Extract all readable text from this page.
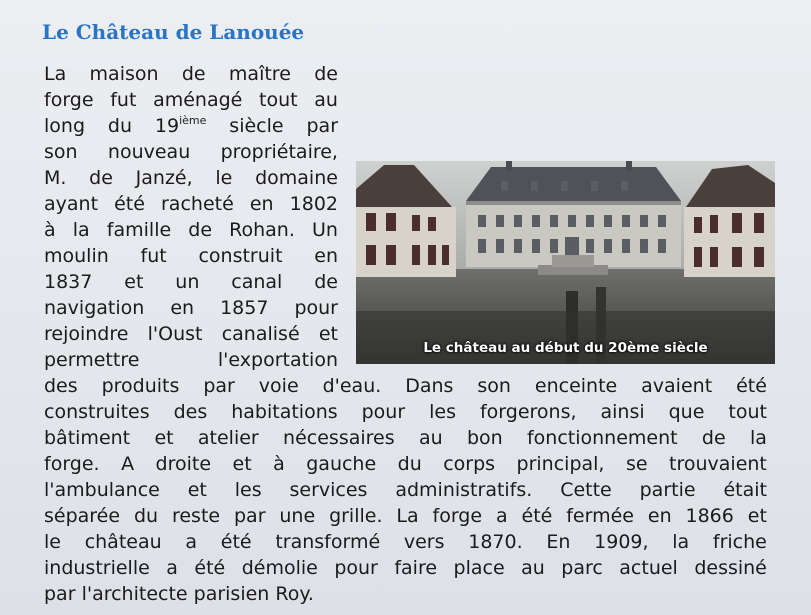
Le Château de Lanouée
Le château au début du 20ème siècle
La maison de maître de
forge fut aménagé tout au
long du 19ième siècle par
son nouveau propriétaire,
M. de Janzé, le domaine
ayant été racheté en 1802
à la famille de Rohan. Un
moulin fut construit en
1837 et un canal de
navigation en 1857 pour
rejoindre l'Oust canalisé et
permettre	l'exportation
des produits par voie d'eau. Dans son enceinte avaient été
construites des habitations pour les forgerons, ainsi que tout
bâtiment et atelier nécessaires au bon fonctionnement de la
forge. A droite et à gauche du corps principal, se trouvaient
l'ambulance et les services administratifs. Cette partie était
séparée du reste par une grille. La forge a été fermée en 1866 et
le château a été transformé vers 1870. En 1909, la friche
industrielle a été démolie pour faire place au parc actuel dessiné
par l'architecte parisien Roy.
